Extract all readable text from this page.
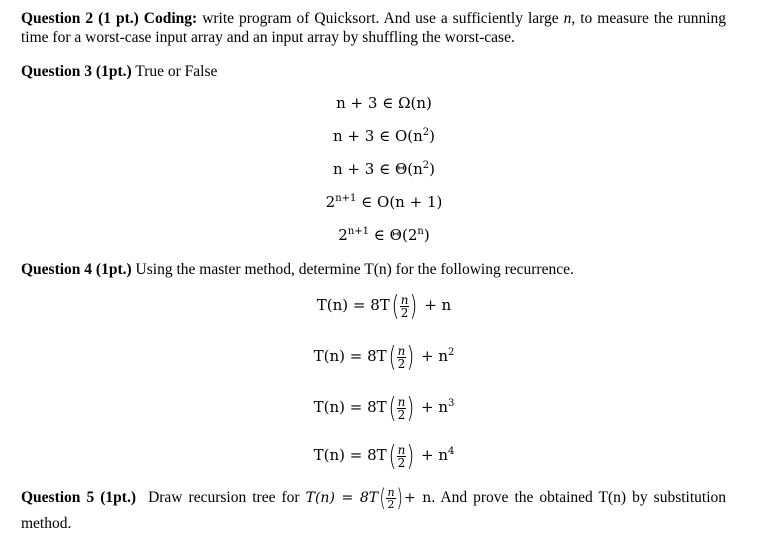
Question 2 (1 pt.) Coding: write program of Quicksort. And use a sufficiently large n, to measure the running time for a worst-case input array and an input array by shuffling the worst-case.
Question 3 (1pt.) True or False
n + 3 ∈ Ω(n)
n + 3 ∈ $O(n^2)$
n + 3 ∈ $\Theta(n^2)$
$2^{n+1}$ ∈ O(n + 1)
$2^{n+1}$ ∈ Θ(2$^n$)
Question 4 (1pt.) Using the master method, determine T(n) for the following recurrence.
T(n) = 8T ( $\frac{n}{2}$ ) + n
T(n) = 8T ( $\frac{n}{2}$ ) + $n^2$
T(n) = 8T ( $\frac{n}{2}$ ) + $n^3$
T(n) = 8T ( $\frac{n}{2}$ ) + $n^4$
Question 5 (1pt.) Draw recursion tree for T(n) = 8T ( $\frac{n}{2}$ ) + n. And prove the obtained T(n) by substitution method.
